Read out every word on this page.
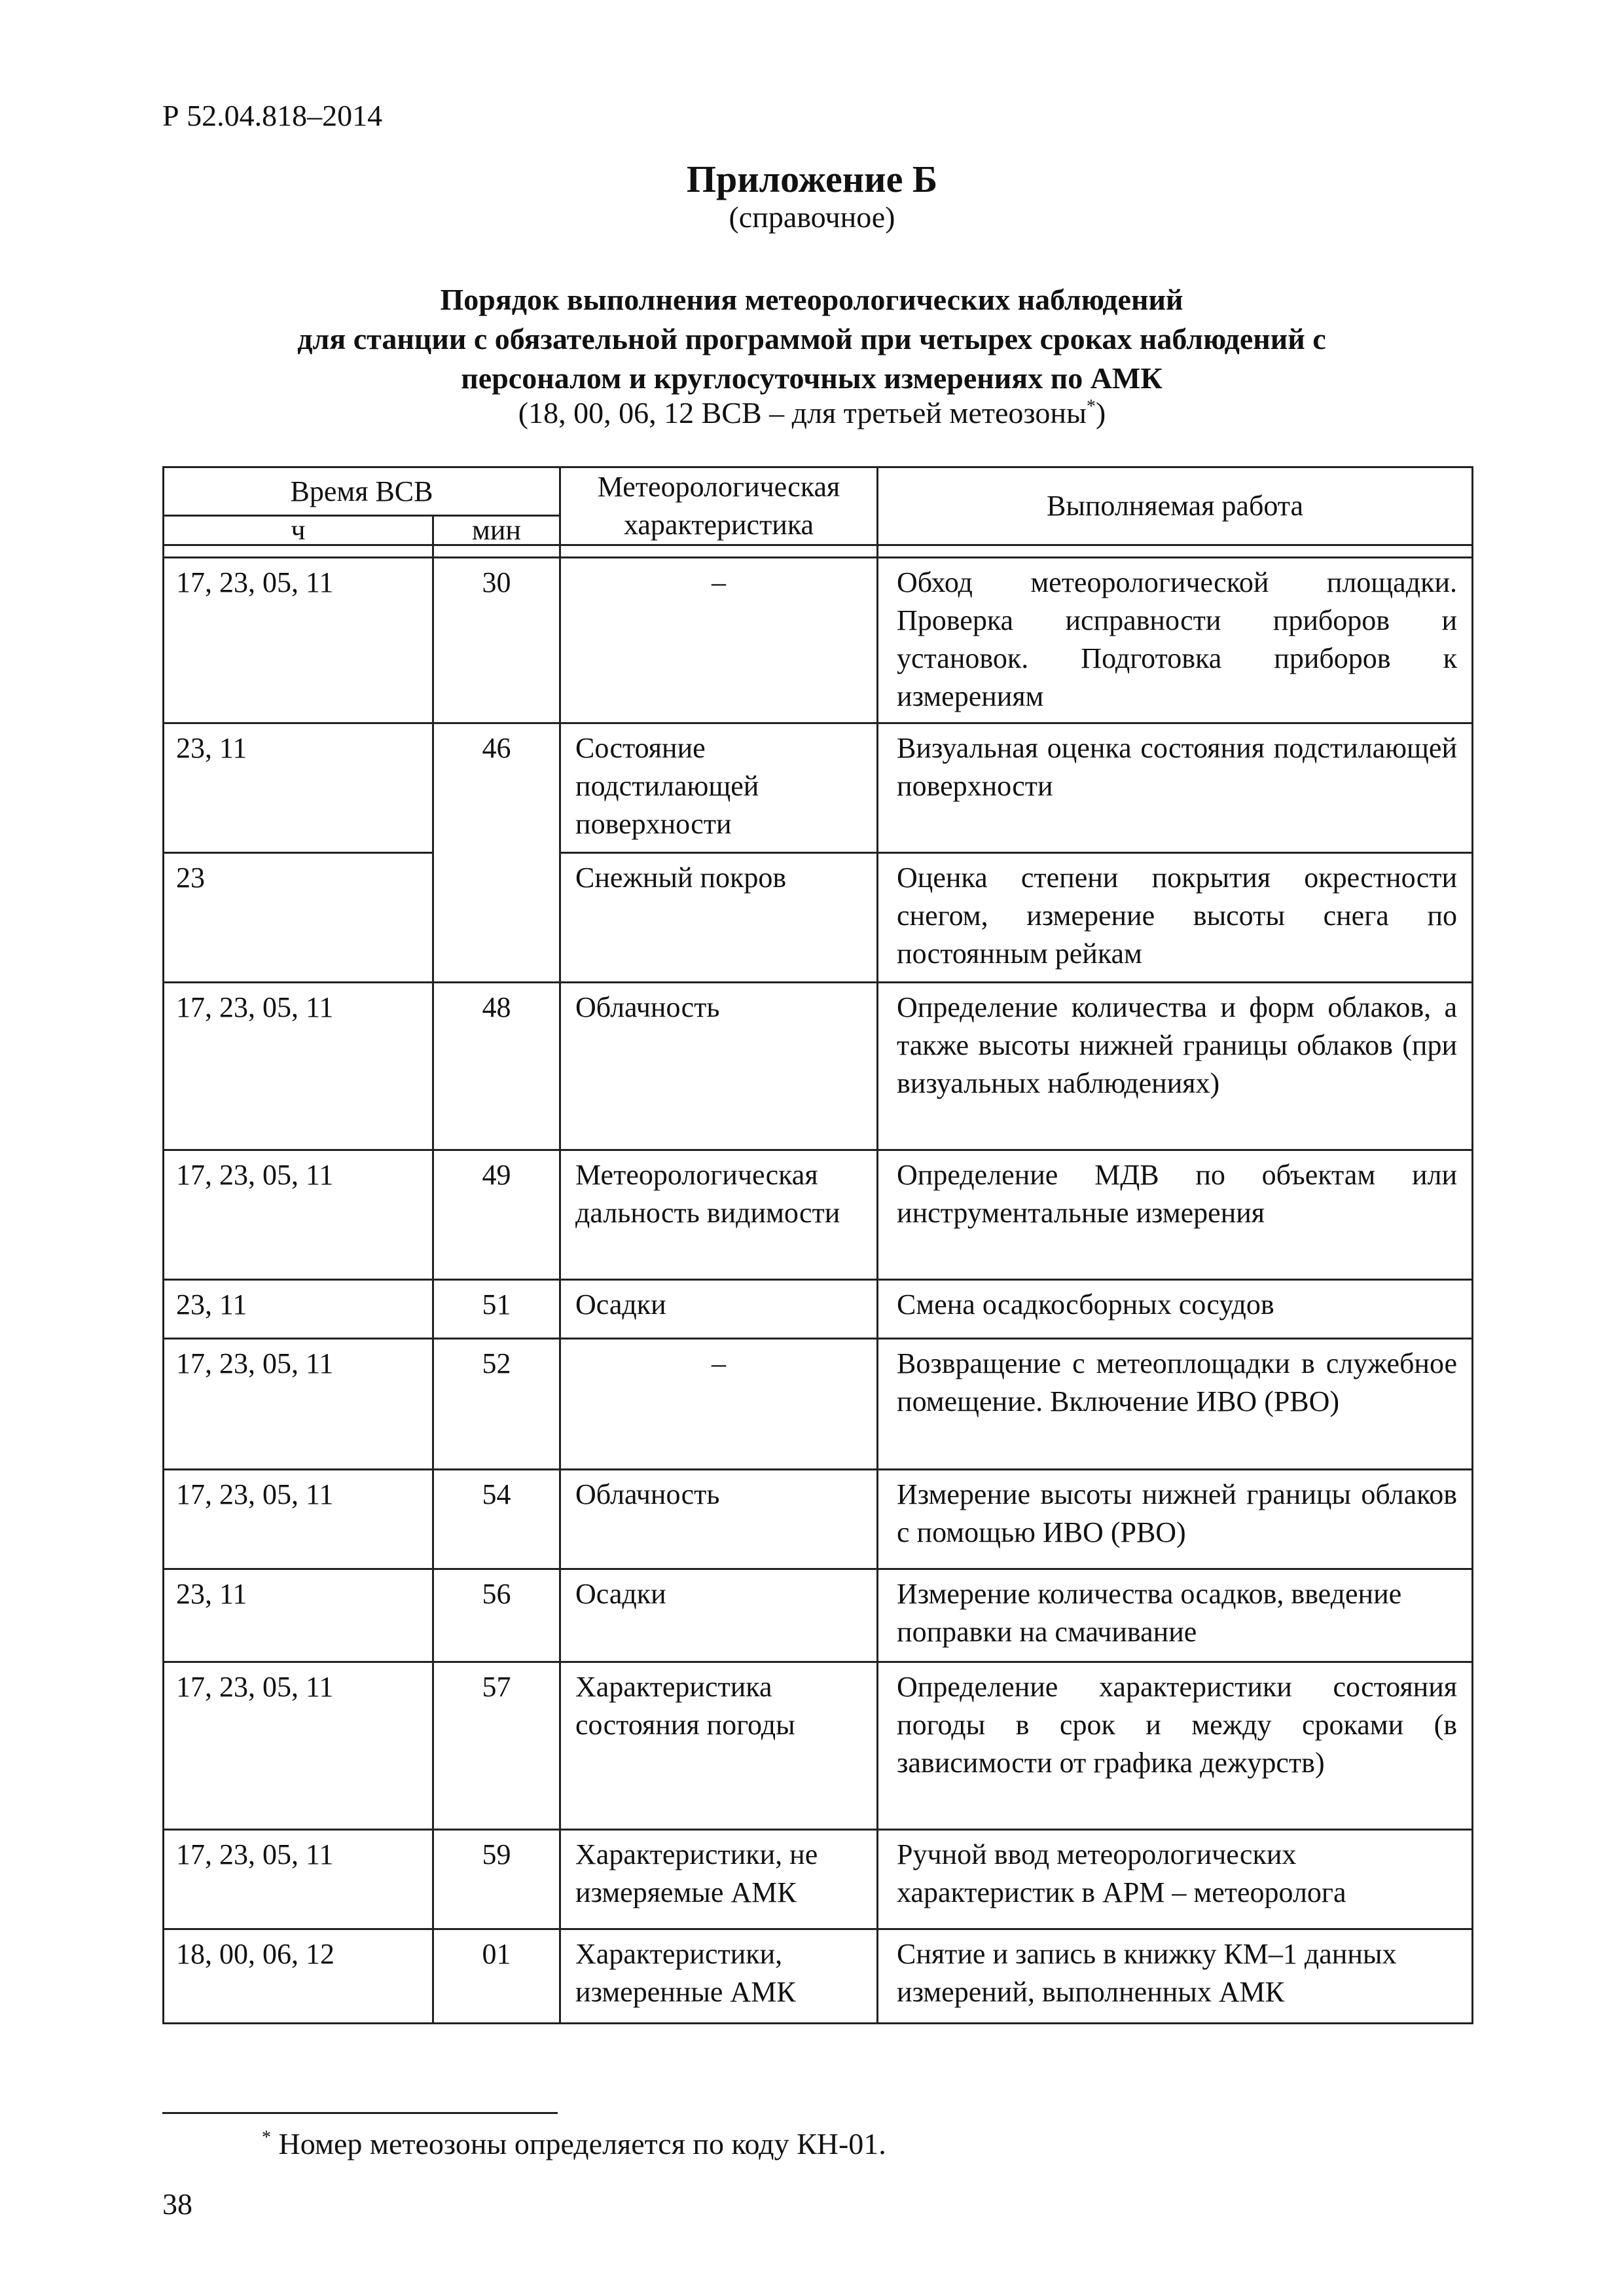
Р 52.04.818–2014
Приложение Б
(справочное)
Порядок выполнения метеорологических наблюдений
для станции с обязательной программой при четырех сроках наблюдений с
персоналом и круглосуточных измерениях по АМК
(18, 00, 06, 12 ВСВ – для третьей метеозоны*)
Время ВСВ		Метеорологическая характеристика	Выполняемая работа
ч	мин		

17, 23, 05, 11	30	–	Обход метеорологической площадки. Проверка исправности приборов и установок. Подготовка приборов к измерениям

23, 11	46	Состояние подстилающей поверхности	Визуальная оценка состояния подстилающей поверхности

23		Снежный покров	Оценка степени покрытия окрестности снегом, измерение высоты снега по постоянным рейкам

17, 23, 05, 11	48	Облачность	Определение количества и форм облаков, а также высоты нижней границы облаков (при визуальных наблюдениях)

17, 23, 05, 11	49	Метеорологическая дальность видимости	Определение МДВ по объектам или инструментальные измерения

23, 11	51	Осадки	Смена осадкосборных сосудов

17, 23, 05, 11	52	–	Возвращение с метеоплощадки в служебное помещение. Включение ИВО (РВО)

17, 23, 05, 11	54	Облачность	Измерение высоты нижней границы облаков с помощью ИВО (РВО)

23, 11	56	Осадки	Измерение количества осадков, введение поправки на смачивание

17, 23, 05, 11	57	Характеристика состояния погоды	Определение характеристики состояния погоды в срок и между сроками (в зависимости от графика дежурств)

17, 23, 05, 11	59	Характеристики, не измеряемые АМК	Ручной ввод метеорологических характеристик в АРМ – метеоролога

18, 00, 06, 12	01	Характеристики, измеренные АМК	Снятие и запись в книжку КМ–1 данных измерений, выполненных АМК
* Номер метеозоны определяется по коду КН-01.
38
